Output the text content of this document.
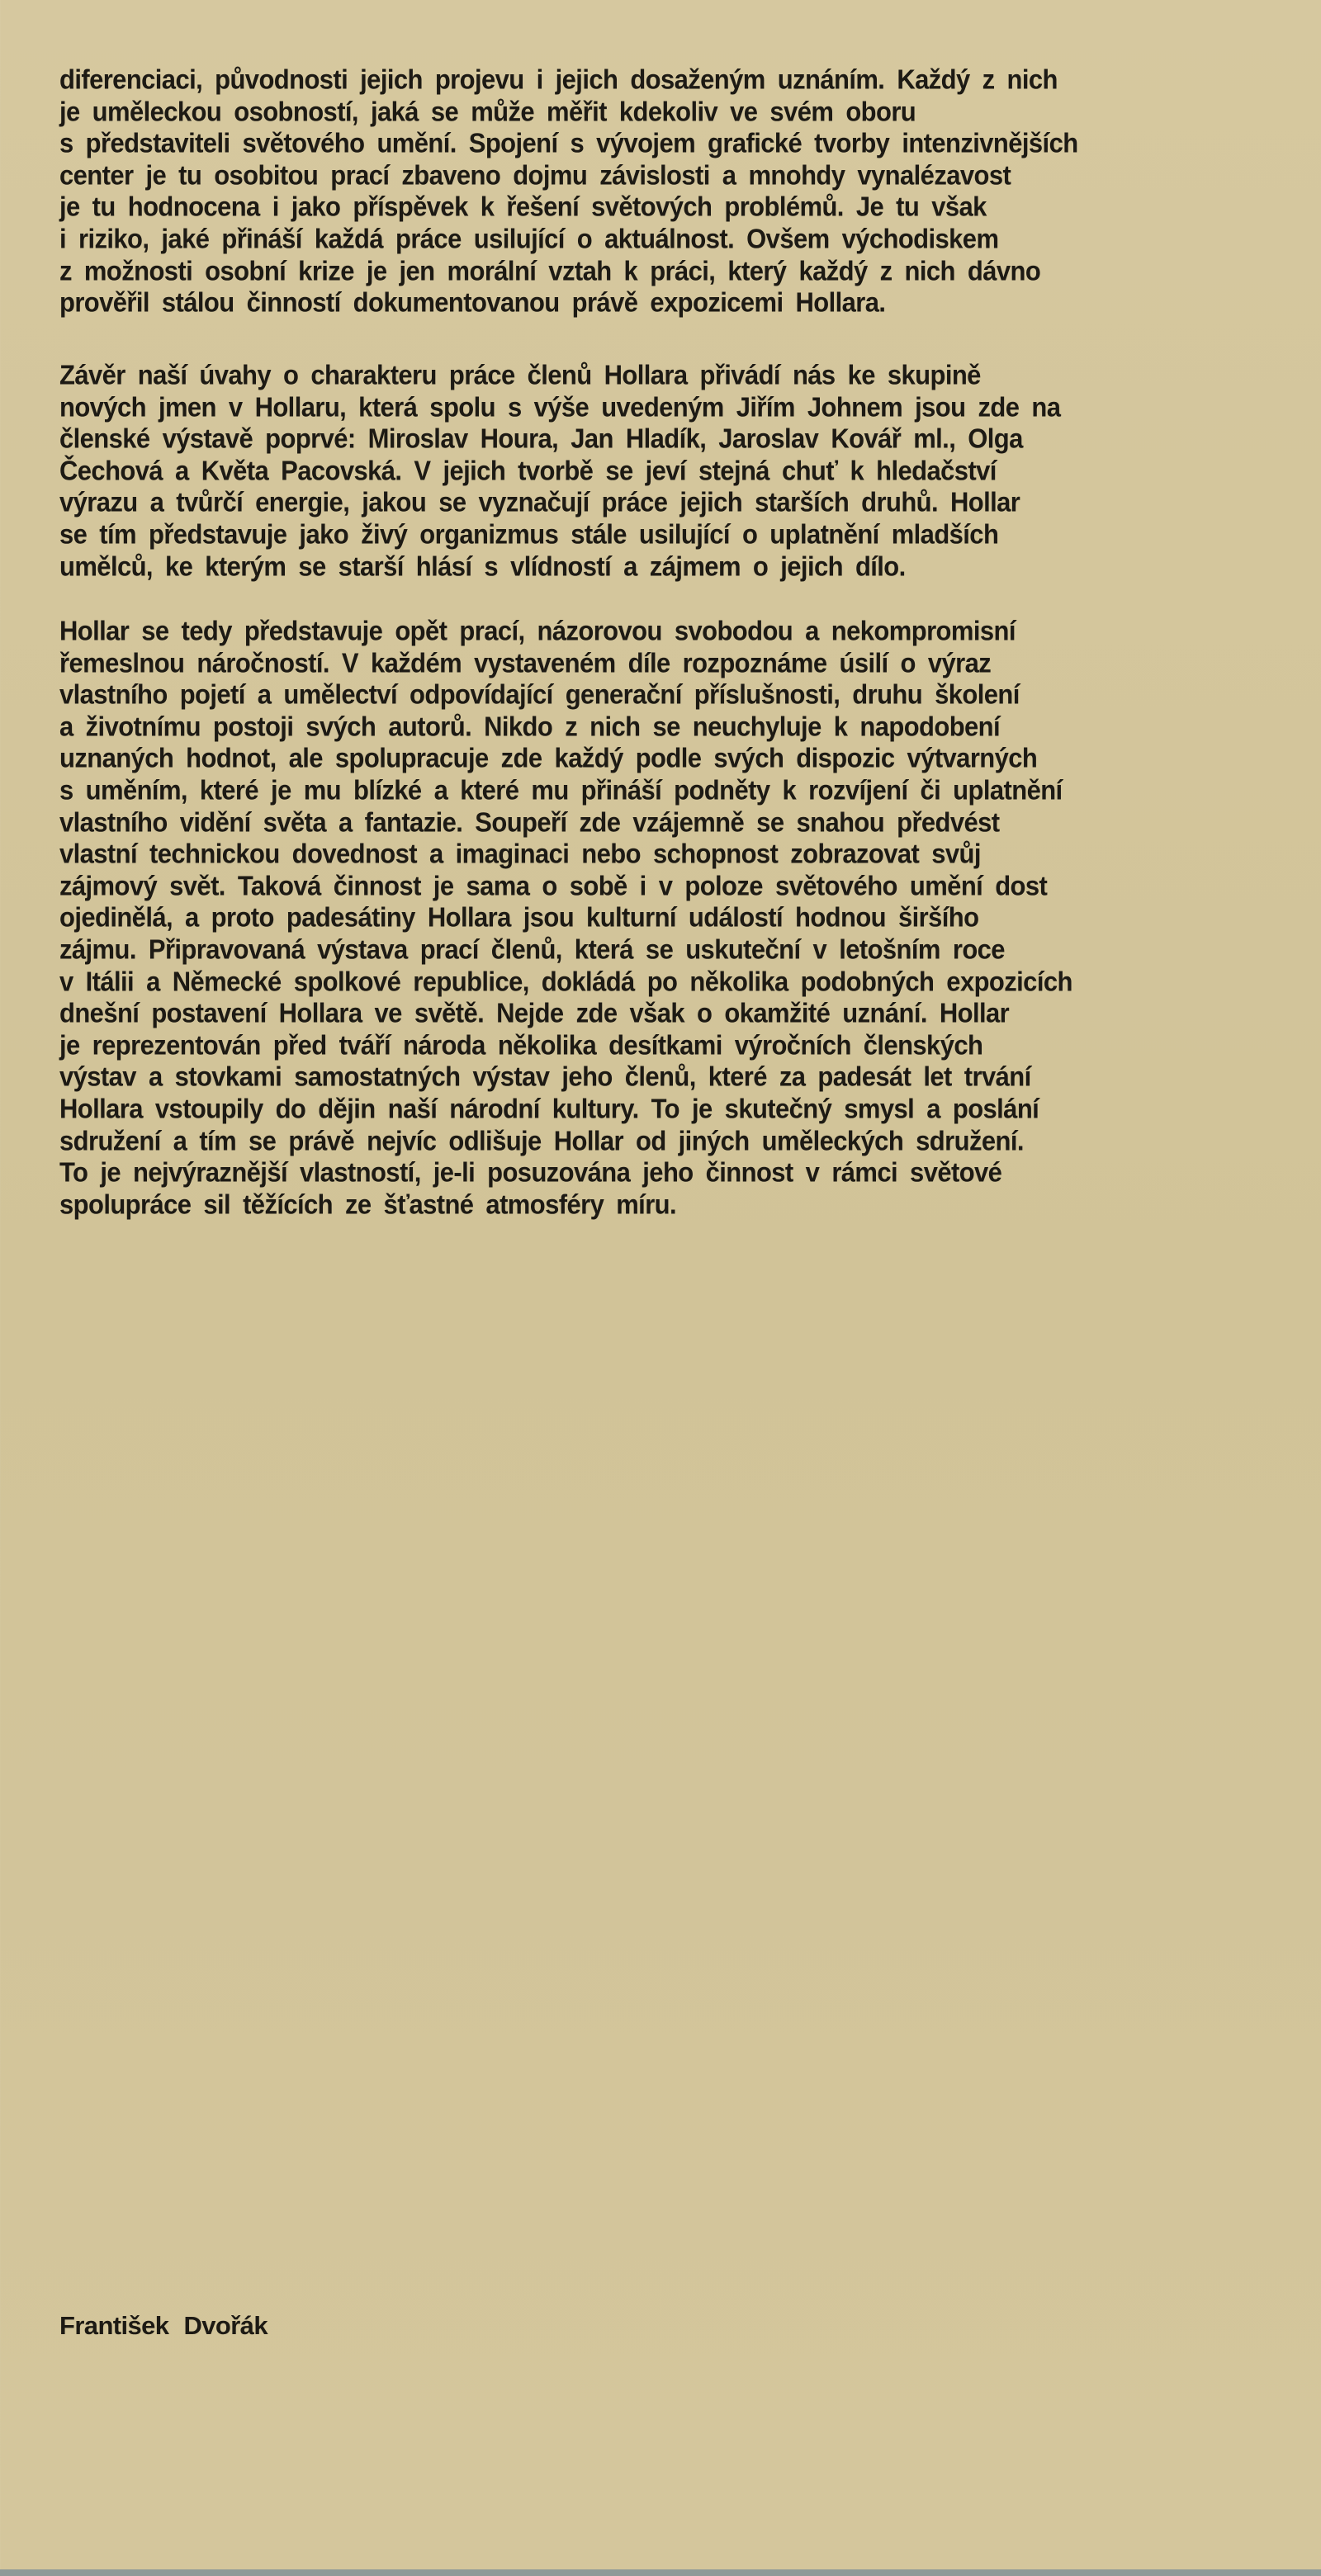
diferenciaci, původnosti jejich projevu i jejich dosaženým uznáním. Každý z nich
je uměleckou osobností, jaká se může měřit kdekoliv ve svém oboru
s představiteli světového umění. Spojení s vývojem grafické tvorby intenzivnějších
center je tu osobitou prací zbaveno dojmu závislosti a mnohdy vynalézavost
je tu hodnocena i jako příspěvek k řešení světových problémů. Je tu však
i riziko, jaké přináší každá práce usilující o aktuálnost. Ovšem východiskem
z možnosti osobní krize je jen morální vztah k práci, který každý z nich dávno
prověřil stálou činností dokumentovanou právě expozicemi Hollara.
Závěr naší úvahy o charakteru práce členů Hollara přivádí nás ke skupině
nových jmen v Hollaru, která spolu s výše uvedeným Jiřím Johnem jsou zde na
členské výstavě poprvé: Miroslav Houra, Jan Hladík, Jaroslav Kovář ml., Olga
Čechová a Květa Pacovská. V jejich tvorbě se jeví stejná chuť k hledačství
výrazu a tvůrčí energie, jakou se vyznačují práce jejich starších druhů. Hollar
se tím představuje jako živý organizmus stále usilující o uplatnění mladších
umělců, ke kterým se starší hlásí s vlídností a zájmem o jejich dílo.
Hollar se tedy představuje opět prací, názorovou svobodou a nekompromisní
řemeslnou náročností. V každém vystaveném díle rozpoznáme úsilí o výraz
vlastního pojetí a umělectví odpovídající generační příslušnosti, druhu školení
a životnímu postoji svých autorů. Nikdo z nich se neuchyluje k napodobení
uznaných hodnot, ale spolupracuje zde každý podle svých dispozic výtvarných
s uměním, které je mu blízké a které mu přináší podněty k rozvíjení či uplatnění
vlastního vidění světa a fantazie. Soupeří zde vzájemně se snahou předvést
vlastní technickou dovednost a imaginaci nebo schopnost zobrazovat svůj
zájmový svět. Taková činnost je sama o sobě i v poloze světového umění dost
ojedinělá, a proto padesátiny Hollara jsou kulturní událostí hodnou širšího
zájmu. Připravovaná výstava prací členů, která se uskuteční v letošním roce
v Itálii a Německé spolkové republice, dokládá po několika podobných expozicích
dnešní postavení Hollara ve světě. Nejde zde však o okamžité uznání. Hollar
je reprezentován před tváří národa několika desítkami výročních členských
výstav a stovkami samostatných výstav jeho členů, které za padesát let trvání
Hollara vstoupily do dějin naší národní kultury. To je skutečný smysl a poslání
sdružení a tím se právě nejvíc odlišuje Hollar od jiných uměleckých sdružení.
To je nejvýraznější vlastností, je-li posuzována jeho činnost v rámci světové
spolupráce sil těžících ze šťastné atmosféry míru.
František Dvořák
